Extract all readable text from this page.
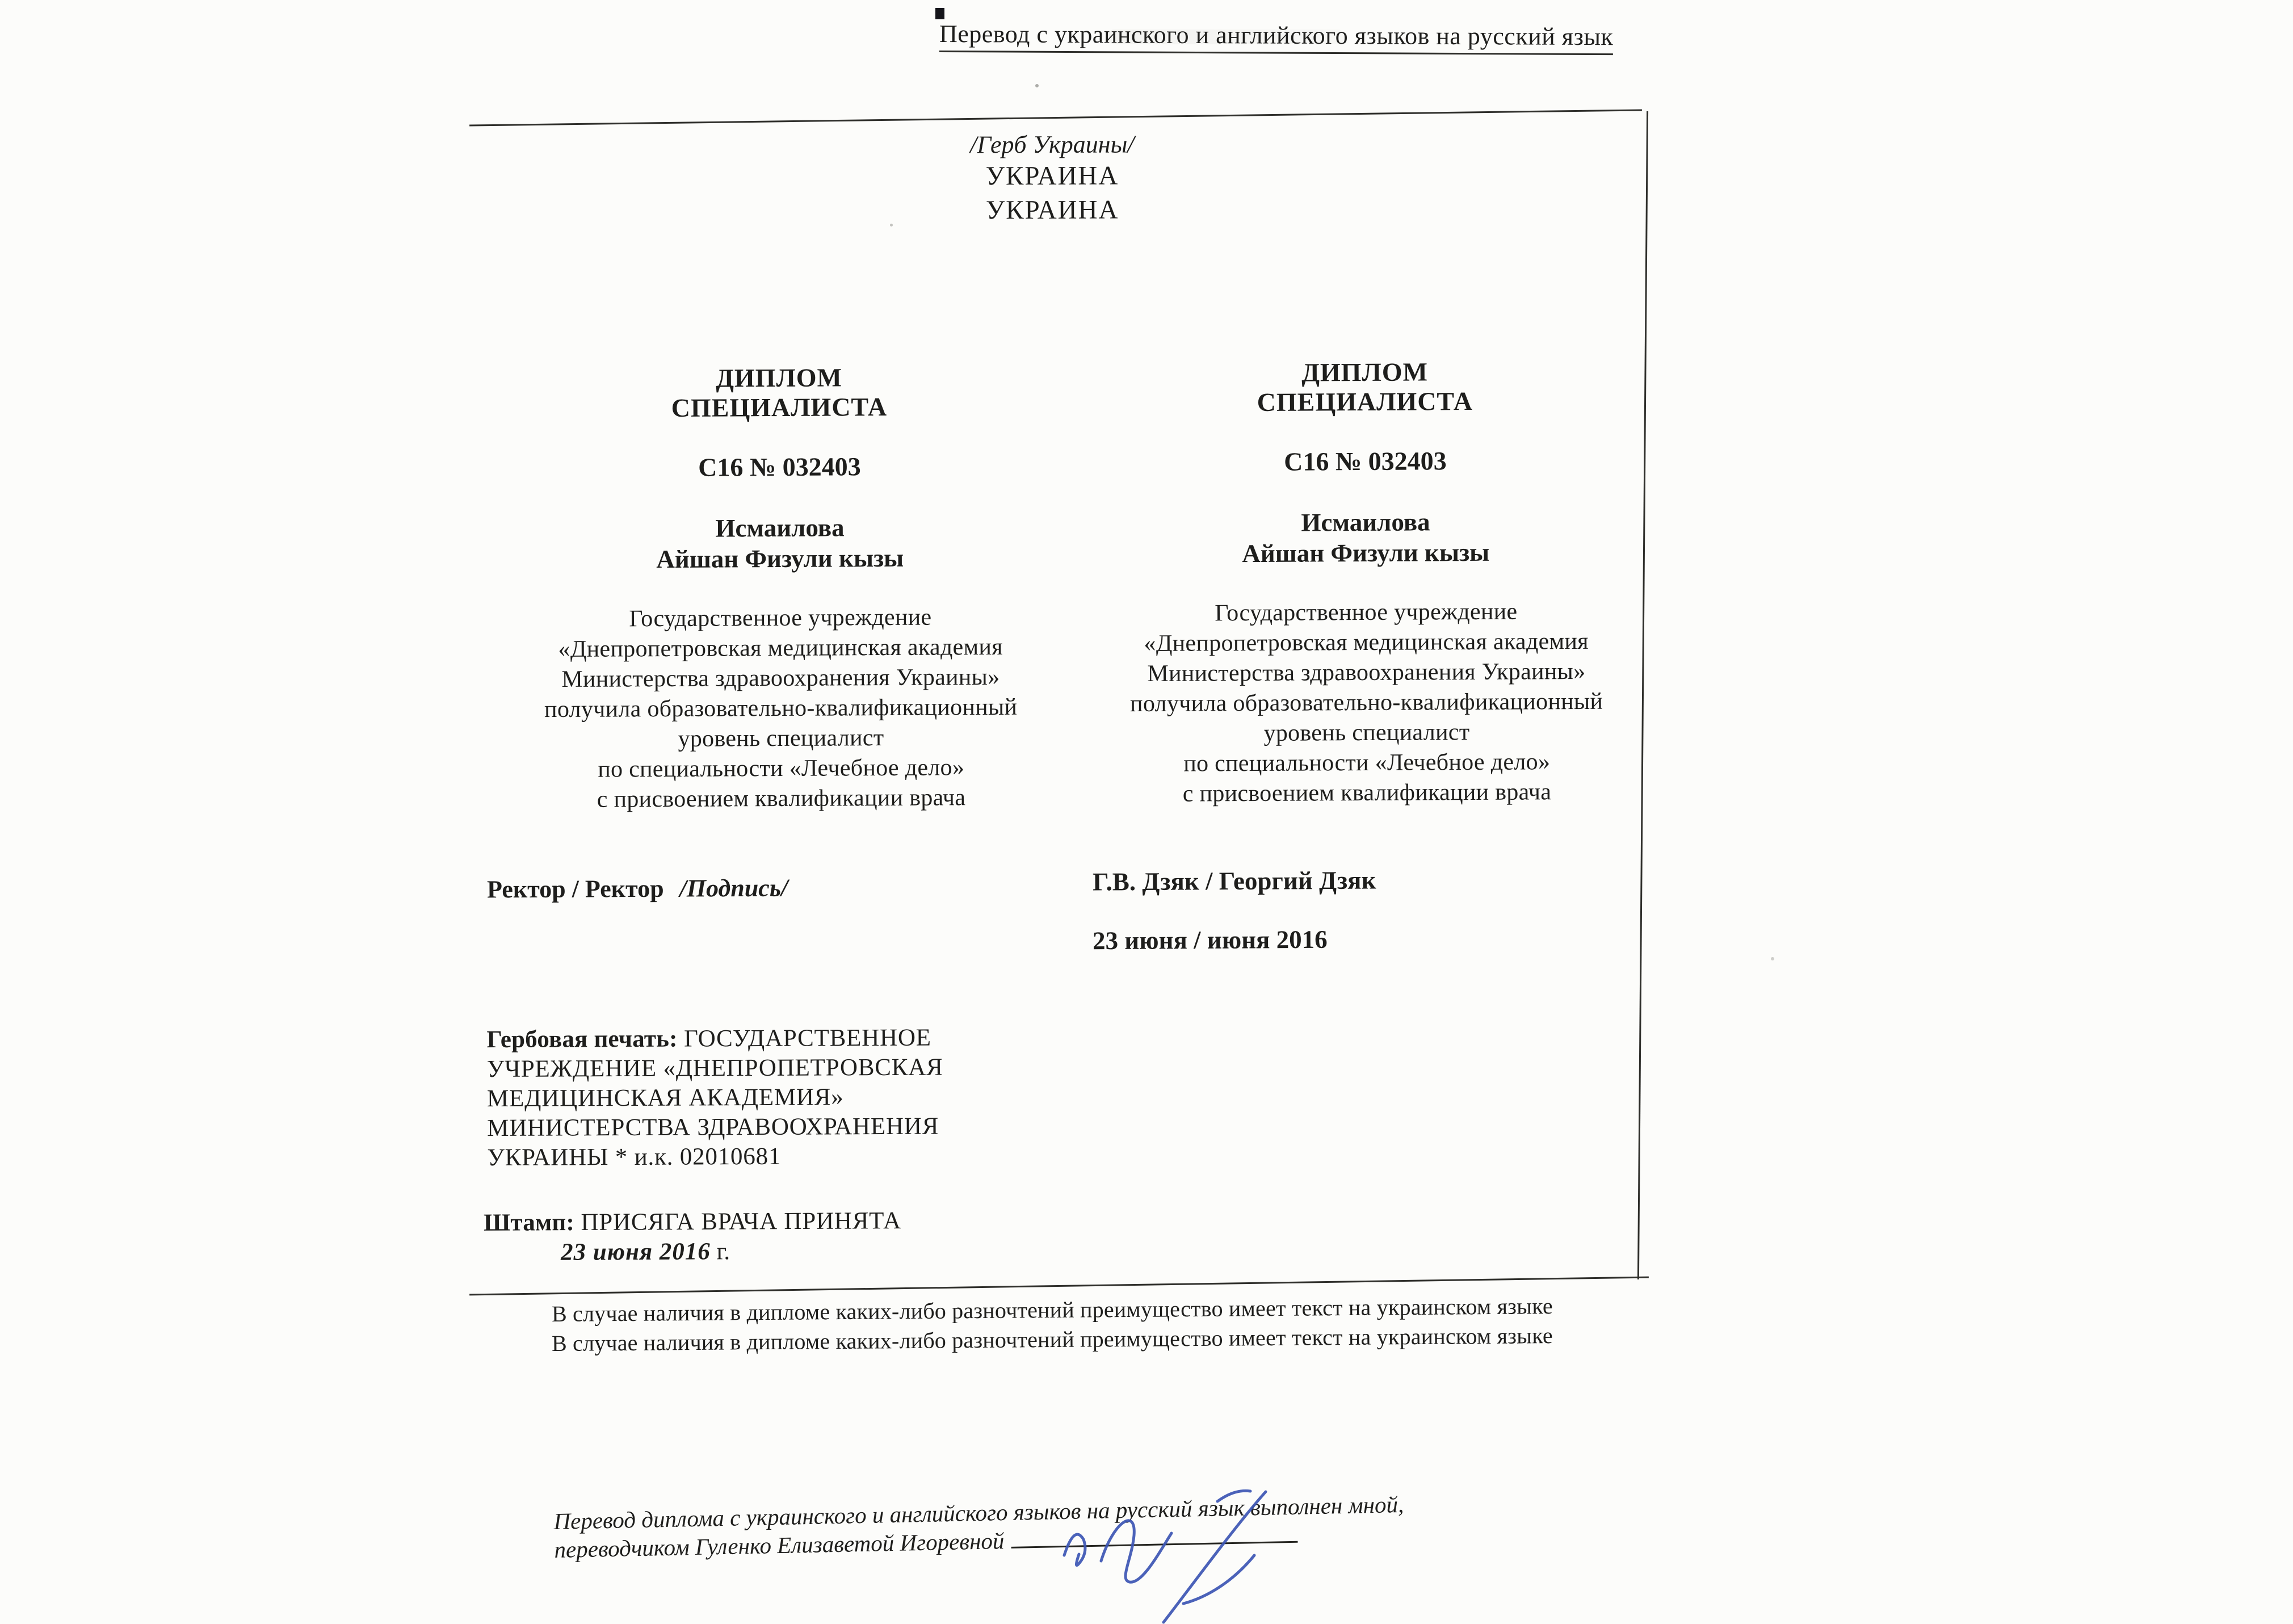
Перевод с украинского и английского языков на русский язык
/Герб Украины/
УКРАИНА
УКРАИНА
ДИПЛОМ
СПЕЦИАЛИСТА
С16 № 032403
Исмаилова
Айшан Физули кызы
Государственное учреждение
«Днепропетровская медицинская академия
Министерства здравоохранения Украины»
получила образовательно-квалификационный
уровень специалист
по специальности «Лечебное дело»
с присвоением квалификации врача
ДИПЛОМ
СПЕЦИАЛИСТА
С16 № 032403
Исмаилова
Айшан Физули кызы
Государственное учреждение
«Днепропетровская медицинская академия
Министерства здравоохранения Украины»
получила образовательно-квалификационный
уровень специалист
по специальности «Лечебное дело»
с присвоением квалификации врача
Ректор / Ректор /Подпись/	Г.В. Дзяк / Георгий Дзяк
23 июня / июня 2016
Гербовая печать: ГОСУДАРСТВЕННОЕ
УЧРЕЖДЕНИЕ «ДНЕПРОПЕТРОВСКАЯ
МЕДИЦИНСКАЯ АКАДЕМИЯ»
МИНИСТЕРСТВА ЗДРАВООХРАНЕНИЯ
УКРАИНЫ * и.к. 02010681
Штамп: ПРИСЯГА ВРАЧА ПРИНЯТА
23 июня 2016 г.
В случае наличия в дипломе каких-либо разночтений преимущество имеет текст на украинском языке
В случае наличия в дипломе каких-либо разночтений преимущество имеет текст на украинском языке
Перевод диплома с украинского и английского языков на русский язык выполнен мной,
переводчиком Гуленко Елизаветой Игоревной
